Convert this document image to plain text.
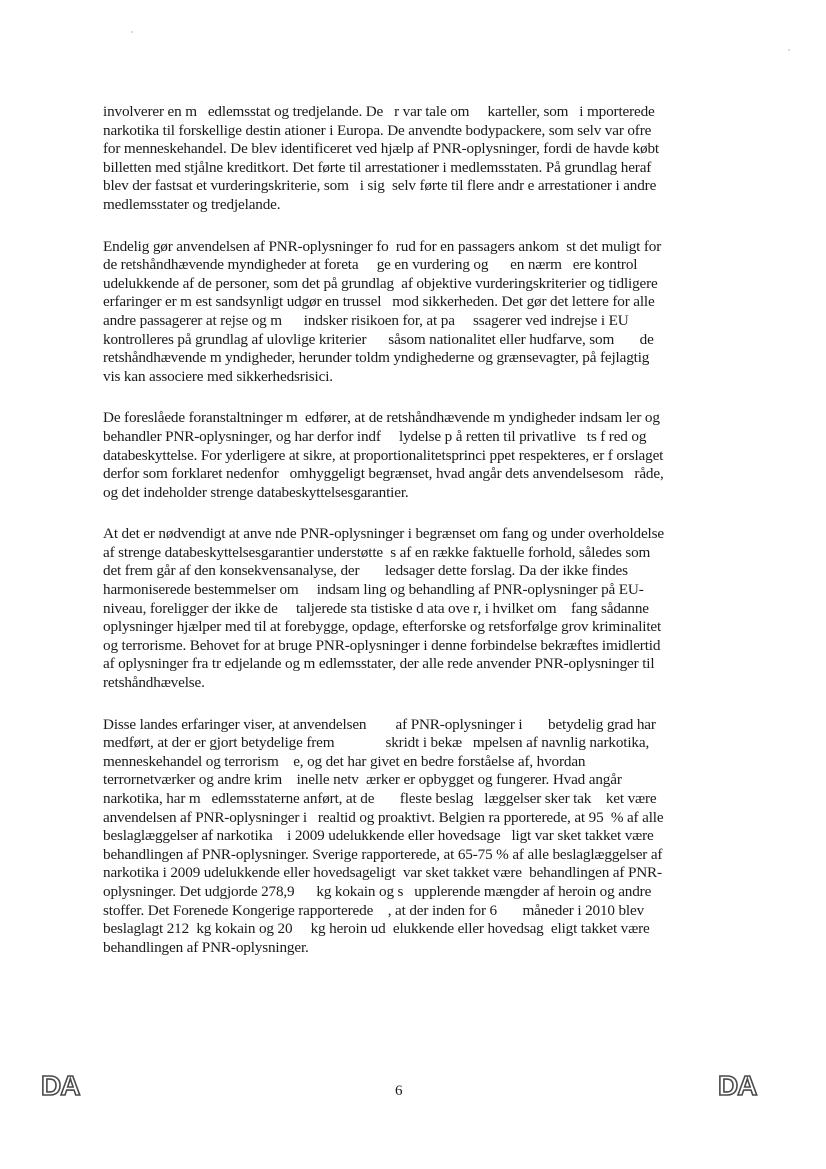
involverer en m   edlemsstat og tredjelande. De   r var tale om     karteller, som   i mporterede
narkotika til forskellige destin ationer i Europa. De anvendte bodypackere, som selv var ofre
for menneskehandel. De blev identificeret ved hjælp af PNR-oplysninger, fordi de havde købt
billetten med stjålne kreditkort. Det førte til arrestationer i medlemsstaten. På grundlag heraf
blev der fastsat et vurderingskriterie, som   i sig  selv førte til flere andr e arrestationer i andre
medlemsstater og tredjelande.

Endelig gør anvendelsen af PNR-oplysninger fo  rud for en passagers ankom  st det muligt for
de retshåndhævende myndigheder at foreta     ge en vurdering og      en nærm   ere kontrol
udelukkende af de personer, som det på grundlag  af objektive vurderingskriterier og tidligere
erfaringer er m est sandsynligt udgør en trussel   mod sikkerheden. Det gør det lettere for alle
andre passagerer at rejse og m      indsker risikoen for, at pa     ssagerer ved indrejse i EU
kontrolleres på grundlag af ulovlige kriterier      såsom nationalitet eller hudfarve, som       de
retshåndhævende m yndigheder, herunder toldm yndighederne og grænsevagter, på fejlagtig
vis kan associere med sikkerhedsrisici.

De foreslåede foranstaltninger m  edfører, at de retshåndhævende m yndigheder indsam ler og
behandler PNR-oplysninger, og har derfor indf     lydelse p å retten til privatlive   ts f red og
databeskyttelse. For yderligere at sikre, at proportionalitetsprinci ppet respekteres, er f orslaget
derfor som forklaret nedenfor   omhyggeligt begrænset, hvad angår dets anvendelsesom   råde,
og det indeholder strenge databeskyttelsesgarantier.

At det er nødvendigt at anve nde PNR-oplysninger i begrænset om fang og under overholdelse
af strenge databeskyttelsesgarantier understøtte  s af en række faktuelle forhold, således som
det frem går af den konsekvensanalyse, der       ledsager dette forslag. Da der ikke findes
harmoniserede bestemmelser om     indsam ling og behandling af PNR-oplysninger på EU-
niveau, foreligger der ikke de     taljerede sta tistiske d ata ove r, i hvilket om    fang sådanne
oplysninger hjælper med til at forebygge, opdage, efterforske og retsforfølge grov kriminalitet
og terrorisme. Behovet for at bruge PNR-oplysninger i denne forbindelse bekræftes imidlertid
af oplysninger fra tr edjelande og m edlemsstater, der alle rede anvender PNR-oplysninger til
retshåndhævelse.

Disse landes erfaringer viser, at anvendelsen        af PNR-oplysninger i       betydelig grad har
medført, at der er gjort betydelige frem              skridt i bekæ   mpelsen af navnlig narkotika,
menneskehandel og terrorism    e, og det har givet en bedre forståelse af, hvordan
terrornetværker og andre krim    inelle netv  ærker er opbygget og fungerer. Hvad angår
narkotika, har m   edlemsstaterne anført, at de       fleste beslag   læggelser sker tak    ket være
anvendelsen af PNR-oplysninger i   realtid og proaktivt. Belgien ra pporterede, at 95  % af alle
beslaglæggelser af narkotika    i 2009 udelukkende eller hovedsage   ligt var sket takket være
behandlingen af PNR-oplysninger. Sverige rapporterede, at 65-75 % af alle beslaglæggelser af
narkotika i 2009 udelukkende eller hovedsageligt  var sket takket være  behandlingen af PNR-
oplysninger. Det udgjorde 278,9      kg kokain og s   upplerende mængder af heroin og andre
stoffer. Det Forenede Kongerige rapporterede    , at der inden for 6       måneder i 2010 blev
beslaglagt 212  kg kokain og 20     kg heroin ud  elukkende eller hovedsag  eligt takket være
behandlingen af PNR-oplysninger.

DA	6	DA
